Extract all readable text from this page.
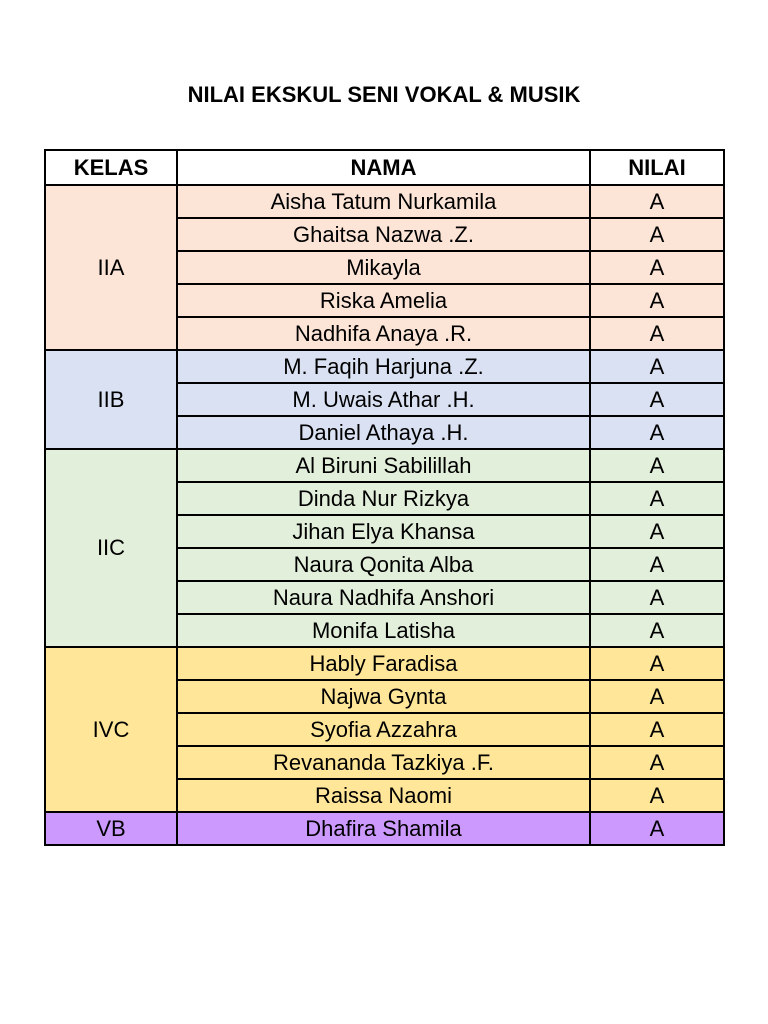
NILAI EKSKUL SENI VOKAL & MUSIK
KELAS	NAMA	NILAI
IIA	Aisha Tatum Nurkamila	A
	Ghaitsa Nazwa .Z.	A
	Mikayla	A
	Riska Amelia	A
	Nadhifa Anaya .R.	A
IIB	M. Faqih Harjuna .Z.	A
	M. Uwais Athar .H.	A
	Daniel Athaya .H.	A
IIC	Al Biruni Sabilillah	A
	Dinda Nur Rizkya	A
	Jihan Elya Khansa	A
	Naura Qonita Alba	A
	Naura Nadhifa Anshori	A
	Monifa Latisha	A
IVC	Hably Faradisa	A
	Najwa Gynta	A
	Syofia Azzahra	A
	Revananda Tazkiya .F.	A
	Raissa Naomi	A
VB	Dhafira Shamila	A
